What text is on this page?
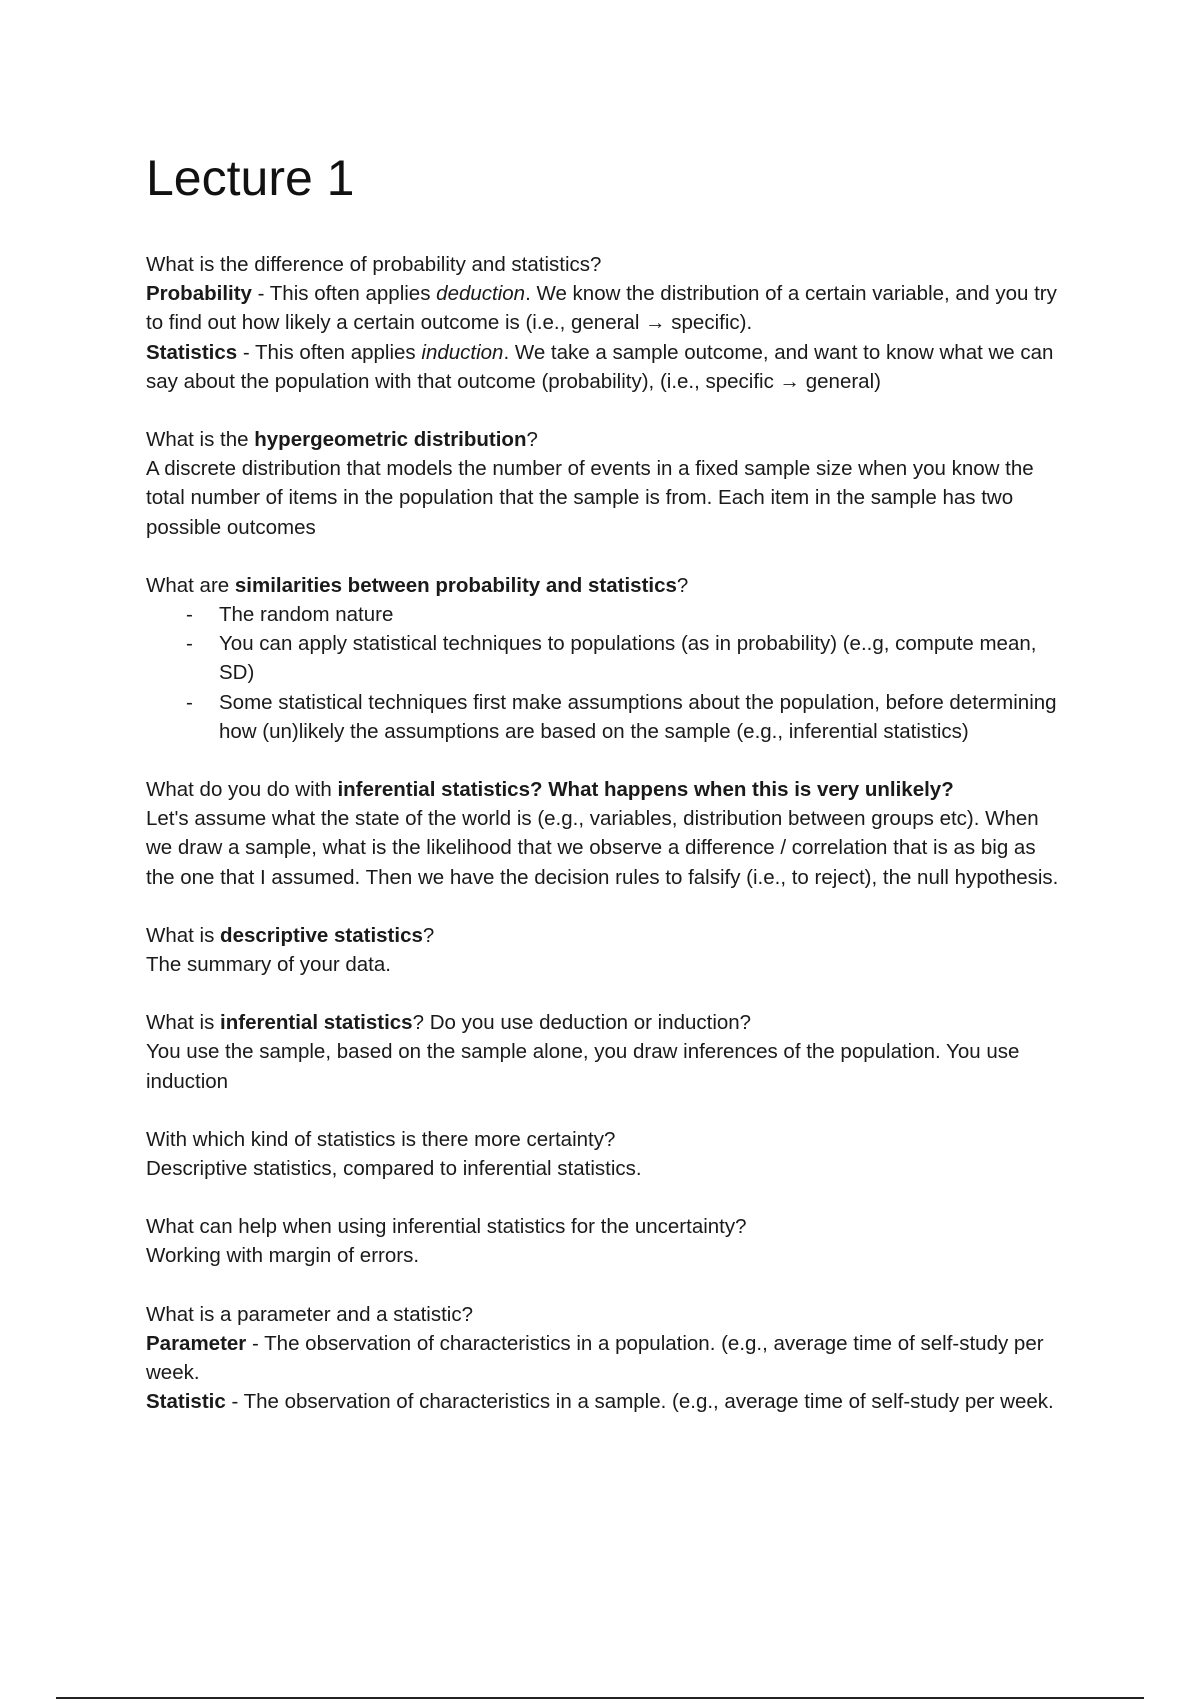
Lecture 1

What is the difference of probability and statistics?

Probability - This often applies deduction. We know the distribution of a certain variable, and you try to find out how likely a certain outcome is (i.e., general → specific).

Statistics - This often applies induction. We take a sample outcome, and want to know what we can say about the population with that outcome (probability), (i.e., specific → general)

What is the hypergeometric distribution?

A discrete distribution that models the number of events in a fixed sample size when you know the total number of items in the population that the sample is from. Each item in the sample has two possible outcomes

What are similarities between probability and statistics?

- The random nature
- You can apply statistical techniques to populations (as in probability) (e..g, compute mean, SD)
- Some statistical techniques first make assumptions about the population, before determining how (un)likely the assumptions are based on the sample (e.g., inferential statistics)

What do you do with inferential statistics? What happens when this is very unlikely?

Let's assume what the state of the world is (e.g., variables, distribution between groups etc). When we draw a sample, what is the likelihood that we observe a difference / correlation that is as big as the one that I assumed. Then we have the decision rules to falsify (i.e., to reject), the null hypothesis.

What is descriptive statistics?

The summary of your data.

What is inferential statistics? Do you use deduction or induction?

You use the sample, based on the sample alone, you draw inferences of the population. You use induction

With which kind of statistics is there more certainty?

Descriptive statistics, compared to inferential statistics.

What can help when using inferential statistics for the uncertainty?

Working with margin of errors.

What is a parameter and a statistic?

Parameter - The observation of characteristics in a population. (e.g., average time of self-study per week.

Statistic - The observation of characteristics in a sample. (e.g., average time of self-study per week.
